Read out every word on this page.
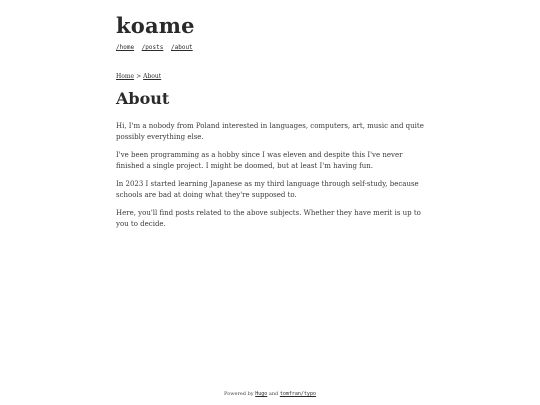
koame
/home /posts /about
Home > About
About

Hi, I'm a nobody from Poland interested in languages, computers, art, music and quite possibly everything else.

I've been programming as a hobby since I was eleven and despite this I've never finished a single project. I might be doomed, but at least I'm having fun.

In 2023 I started learning Japanese as my third language through self-study, because schools are bad at doing what they're supposed to.

Here, you'll find posts related to the above subjects. Whether they have merit is up to you to decide.

Powered by Hugo and tomfran/typo
